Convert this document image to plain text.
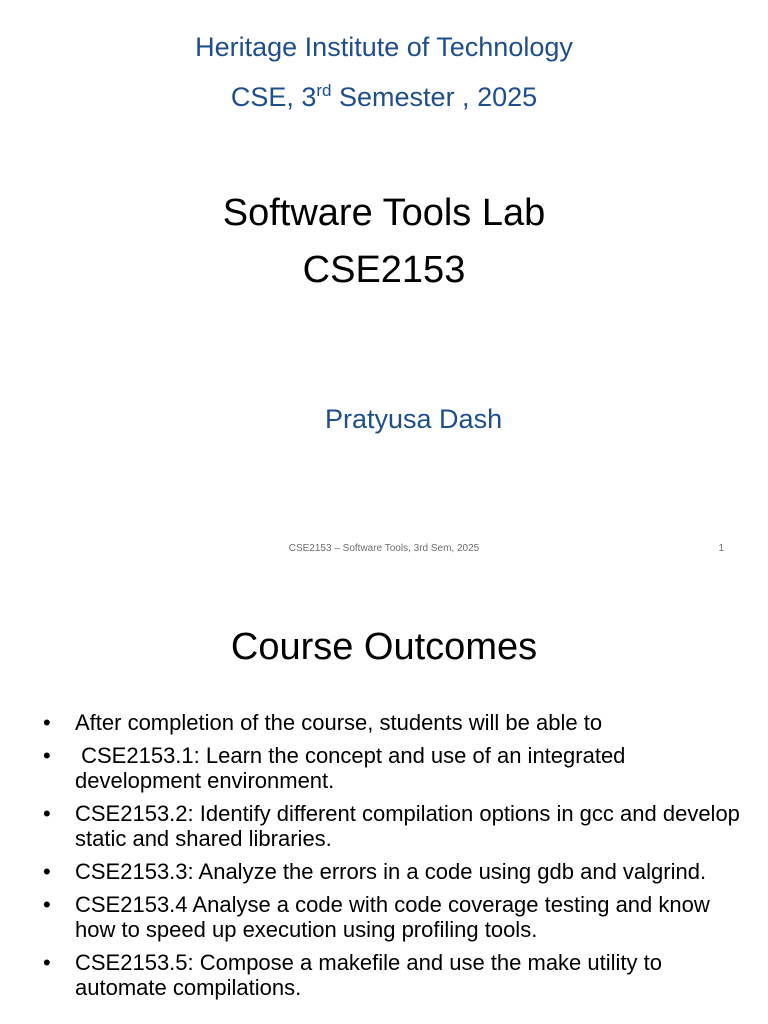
Heritage Institute of Technology
CSE, 3rd Semester , 2025
Software Tools Lab
CSE2153
Pratyusa Dash
CSE2153 – Software Tools, 3rd Sem, 2025	1
Course Outcomes
• After completion of the course, students will be able to
• CSE2153.1: Learn the concept and use of an integrated development environment.
• CSE2153.2: Identify different compilation options in gcc and develop static and shared libraries.
• CSE2153.3: Analyze the errors in a code using gdb and valgrind.
• CSE2153.4 Analyse a code with code coverage testing and know how to speed up execution using profiling tools.
• CSE2153.5: Compose a makefile and use the make utility to automate compilations.
